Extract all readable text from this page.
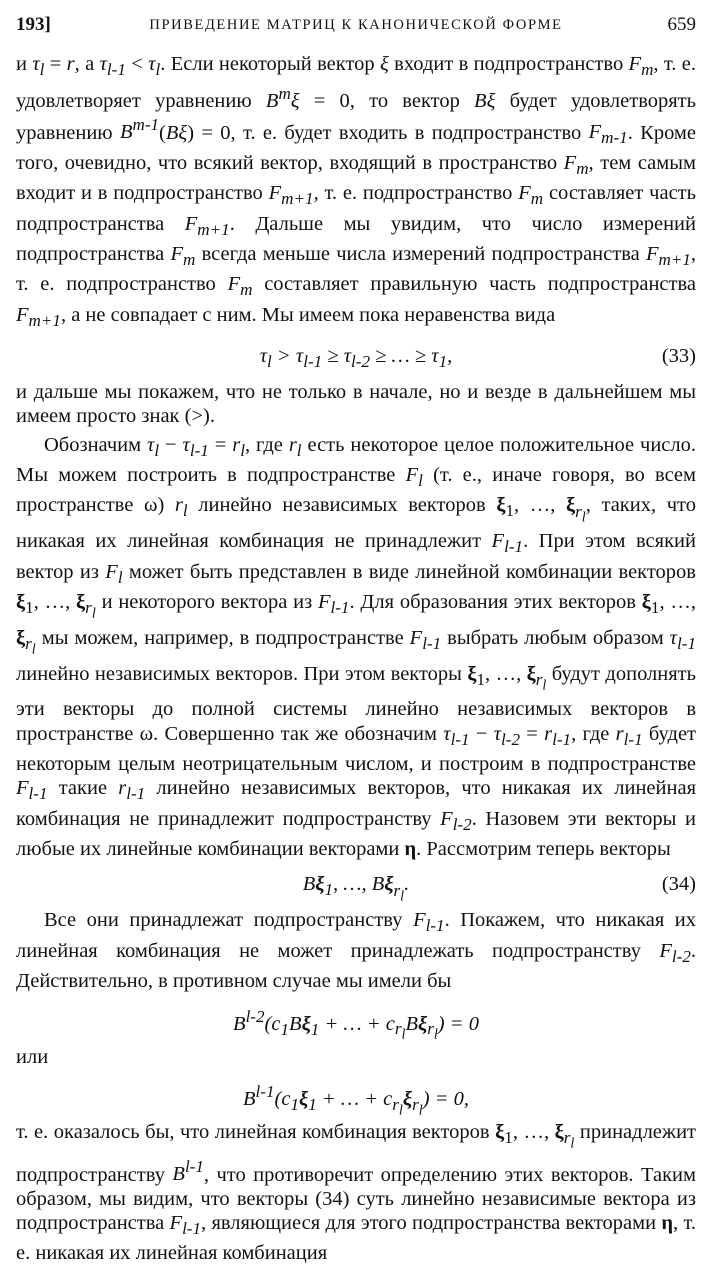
193]	ПРИВЕДЕНИЕ МАТРИЦ К КАНОНИЧЕСКОЙ ФОРМЕ	659

и $\tau_l = r$, а $\tau_{l-1} < \tau_l$. Если некоторый вектор ξ входит в подпространство $F_m$, т. е. удовлетворяет уравнению $B^m\xi = 0$, то вектор Bξ будет удовлетворять уравнению $B^{m-1}(B\xi) = 0$, т. е. будет входить в подпространство $F_{m-1}$. Кроме того, очевидно, что всякий вектор, входящий в пространство $F_m$, тем самым входит и в подпространство $F_{m+1}$, т. е. подпространство $F_m$ составляет часть подпространства $F_{m+1}$. Дальше мы увидим, что число измерений подпространства $F_m$ всегда меньше числа измерений подпространства $F_{m+1}$, т. е. подпространство $F_m$ составляет правильную часть подпространства $F_{m+1}$, а не совпадает с ним. Мы имеем пока неравенства вида

$\tau_l > \tau_{l-1} \ge \tau_{l-2}$ ≥ … ≥ $\tau_1$,	(33)

и дальше мы покажем, что не только в начале, но и везде в дальнейшем мы имеем просто знак (>).

Обозначим $\tau_l - \tau_{l-1} = r_l$, где $r_l$ есть некоторое целое положительное число. Мы можем построить в подпространстве $F_l$ (т. е., иначе говоря, во всем пространстве ω) $r_l$ линейно независимых векторов $\xi_1$, …, $\xi_{r_l}$, таких, что никакая их линейная комбинация не принадлежит $F_{l-1}$. При этом всякий вектор из $F_l$ может быть представлен в виде линейной комбинации векторов $\xi_1$, …, $\xi_{r_l}$ и некоторого вектора из $F_{l-1}$. Для образования этих векторов $\xi_1$, …, $\xi_{r_l}$ мы можем, например, в подпространстве $F_{l-1}$ выбрать любым образом $\tau_{l-1}$ линейно независимых векторов. При этом векторы $\xi_1$, …, $\xi_{r_l}$ будут дополнять эти векторы до полной системы линейно независимых векторов в пространстве ω. Совершенно так же обозначим $\tau_{l-1} - \tau_{l-2} = r_{l-1}$, где $r_{l-1}$ будет некоторым целым неотрицательным числом, и построим в подпространстве $F_{l-1}$ такие $r_{l-1}$ линейно независимых векторов, что никакая их линейная комбинация не принадлежит подпространству $F_{l-2}$. Назовем эти векторы и любые их линейные комбинации векторами η. Рассмотрим теперь векторы

$B\xi_1$, …, $B\xi_{r_l}$.	(34)

Все они принадлежат подпространству $F_{l-1}$. Покажем, что никакая их линейная комбинация не может принадлежать подпространству $F_{l-2}$. Действительно, в противном случае мы имели бы

$B^{l-2}(c_1B\xi_1$ + … + $c_{r_l}B\xi_{r_l}) = 0$

или

$B^{l-1}(c_1\xi_1$ + … + $c_{r_l}\xi_{r_l}) = 0$,

т. е. оказалось бы, что линейная комбинация векторов $\xi_1$, …, $\xi_{r_l}$ принадлежит подпространству $B^{l-1}$, что противоречит определению этих векторов. Таким образом, мы видим, что векторы (34) суть линейно независимые вектора из подпространства $F_{l-1}$, являющиеся для этого подпространства векторами η, т. е. никакая их линейная комбинация
